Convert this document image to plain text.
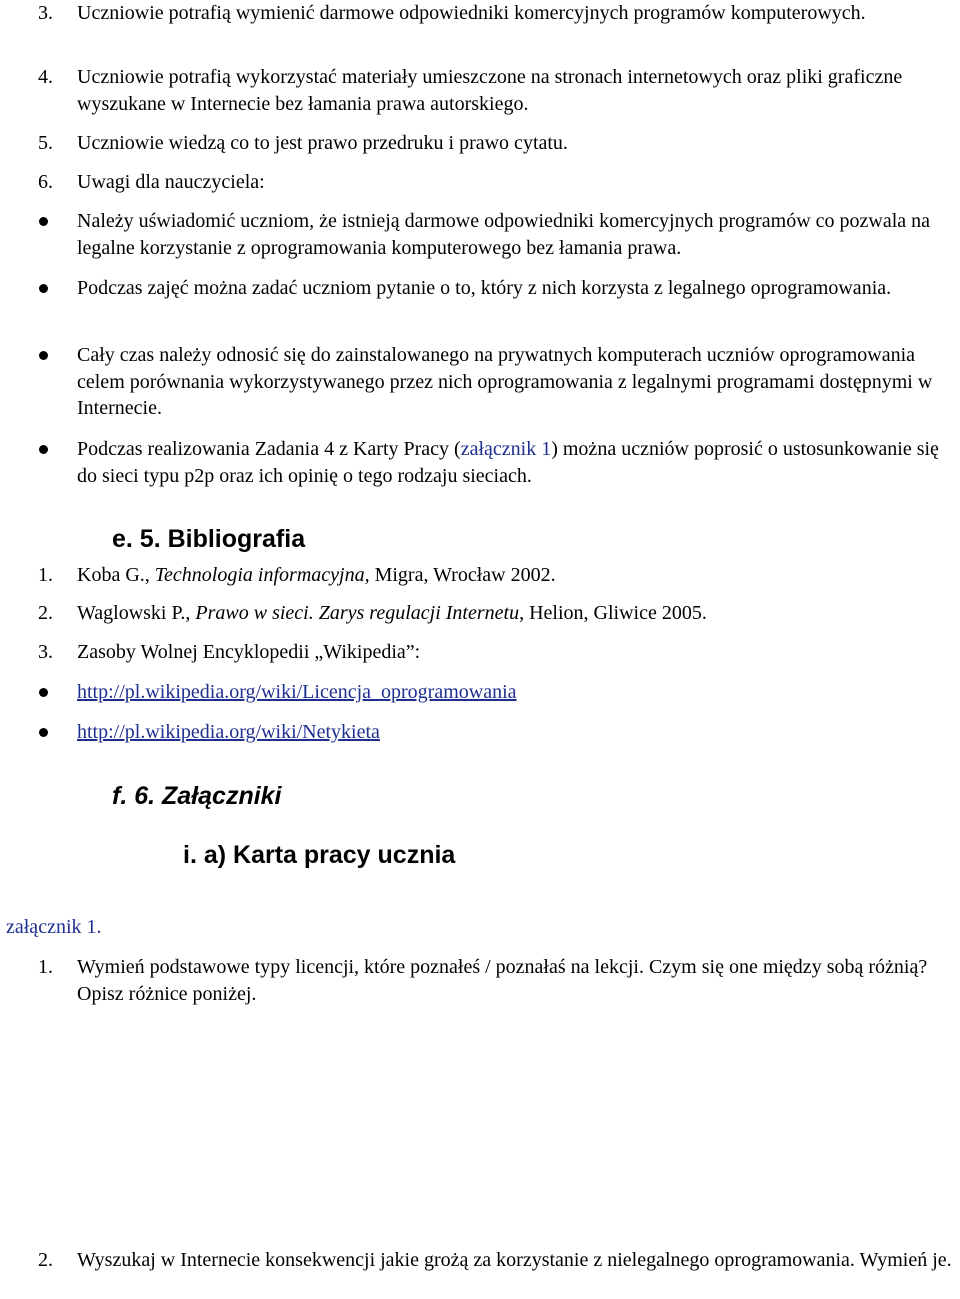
3. Uczniowie potrafią wymienić darmowe odpowiedniki komercyjnych programów komputerowych.
4. Uczniowie potrafią wykorzystać materiały umieszczone na stronach internetowych oraz pliki graficzne wyszukane w Internecie bez łamania prawa autorskiego.
5. Uczniowie wiedzą co to jest prawo przedruku i prawo cytatu.
6. Uwagi dla nauczyciela:
Należy uświadomić uczniom, że istnieją darmowe odpowiedniki komercyjnych programów co pozwala na legalne korzystanie z oprogramowania komputerowego bez łamania prawa.
Podczas zajęć można zadać uczniom pytanie o to, który z nich korzysta z legalnego oprogramowania.
Cały czas należy odnosić się do zainstalowanego na prywatnych komputerach uczniów oprogramowania celem porównania wykorzystywanego przez nich oprogramowania z legalnymi programami dostępnymi w Internecie.
Podczas realizowania Zadania 4 z Karty Pracy (załącznik 1) można uczniów poprosić o ustosunkowanie się do sieci typu p2p oraz ich opinię o tego rodzaju sieciach.
e. 5. Bibliografia
1. Koba G., Technologia informacyjna, Migra, Wrocław 2002.
2. Waglowski P., Prawo w sieci. Zarys regulacji Internetu, Helion, Gliwice 2005.
3. Zasoby Wolnej Encyklopedii „Wikipedia”:
http://pl.wikipedia.org/wiki/Licencja_oprogramowania
http://pl.wikipedia.org/wiki/Netykieta
f. 6. Załączniki
i. a) Karta pracy ucznia
załącznik 1.
1. Wymień podstawowe typy licencji, które poznałeś / poznałaś na lekcji. Czym się one między sobą różnią? Opisz różnice poniżej.
2. Wyszukaj w Internecie konsekwencji jakie grożą za korzystanie z nielegalnego oprogramowania. Wymień je.
